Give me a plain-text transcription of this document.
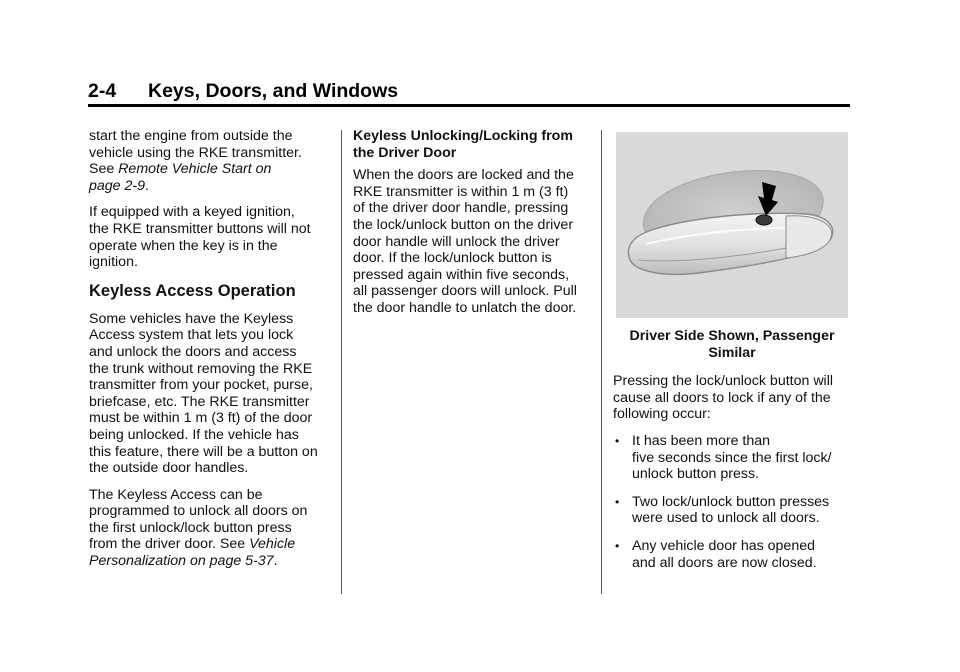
2-4 Keys, Doors, and Windows

start the engine from outside the
vehicle using the RKE transmitter.
See Remote Vehicle Start on
page 2-9.

If equipped with a keyed ignition,
the RKE transmitter buttons will not
operate when the key is in the
ignition.

Keyless Access Operation

Some vehicles have the Keyless
Access system that lets you lock
and unlock the doors and access
the trunk without removing the RKE
transmitter from your pocket, purse,
briefcase, etc. The RKE transmitter
must be within 1 m (3 ft) of the door
being unlocked. If the vehicle has
this feature, there will be a button on
the outside door handles.

The Keyless Access can be
programmed to unlock all doors on
the first unlock/lock button press
from the driver door. See Vehicle
Personalization on page 5-37.

Keyless Unlocking/Locking from
the Driver Door

When the doors are locked and the
RKE transmitter is within 1 m (3 ft)
of the driver door handle, pressing
the lock/unlock button on the driver
door handle will unlock the driver
door. If the lock/unlock button is
pressed again within five seconds,
all passenger doors will unlock. Pull
the door handle to unlatch the door.

Driver Side Shown, Passenger
Similar

Pressing the lock/unlock button will
cause all doors to lock if any of the
following occur:

• It has been more than
five seconds since the first lock/
unlock button press.
• Two lock/unlock button presses
were used to unlock all doors.
• Any vehicle door has opened
and all doors are now closed.
